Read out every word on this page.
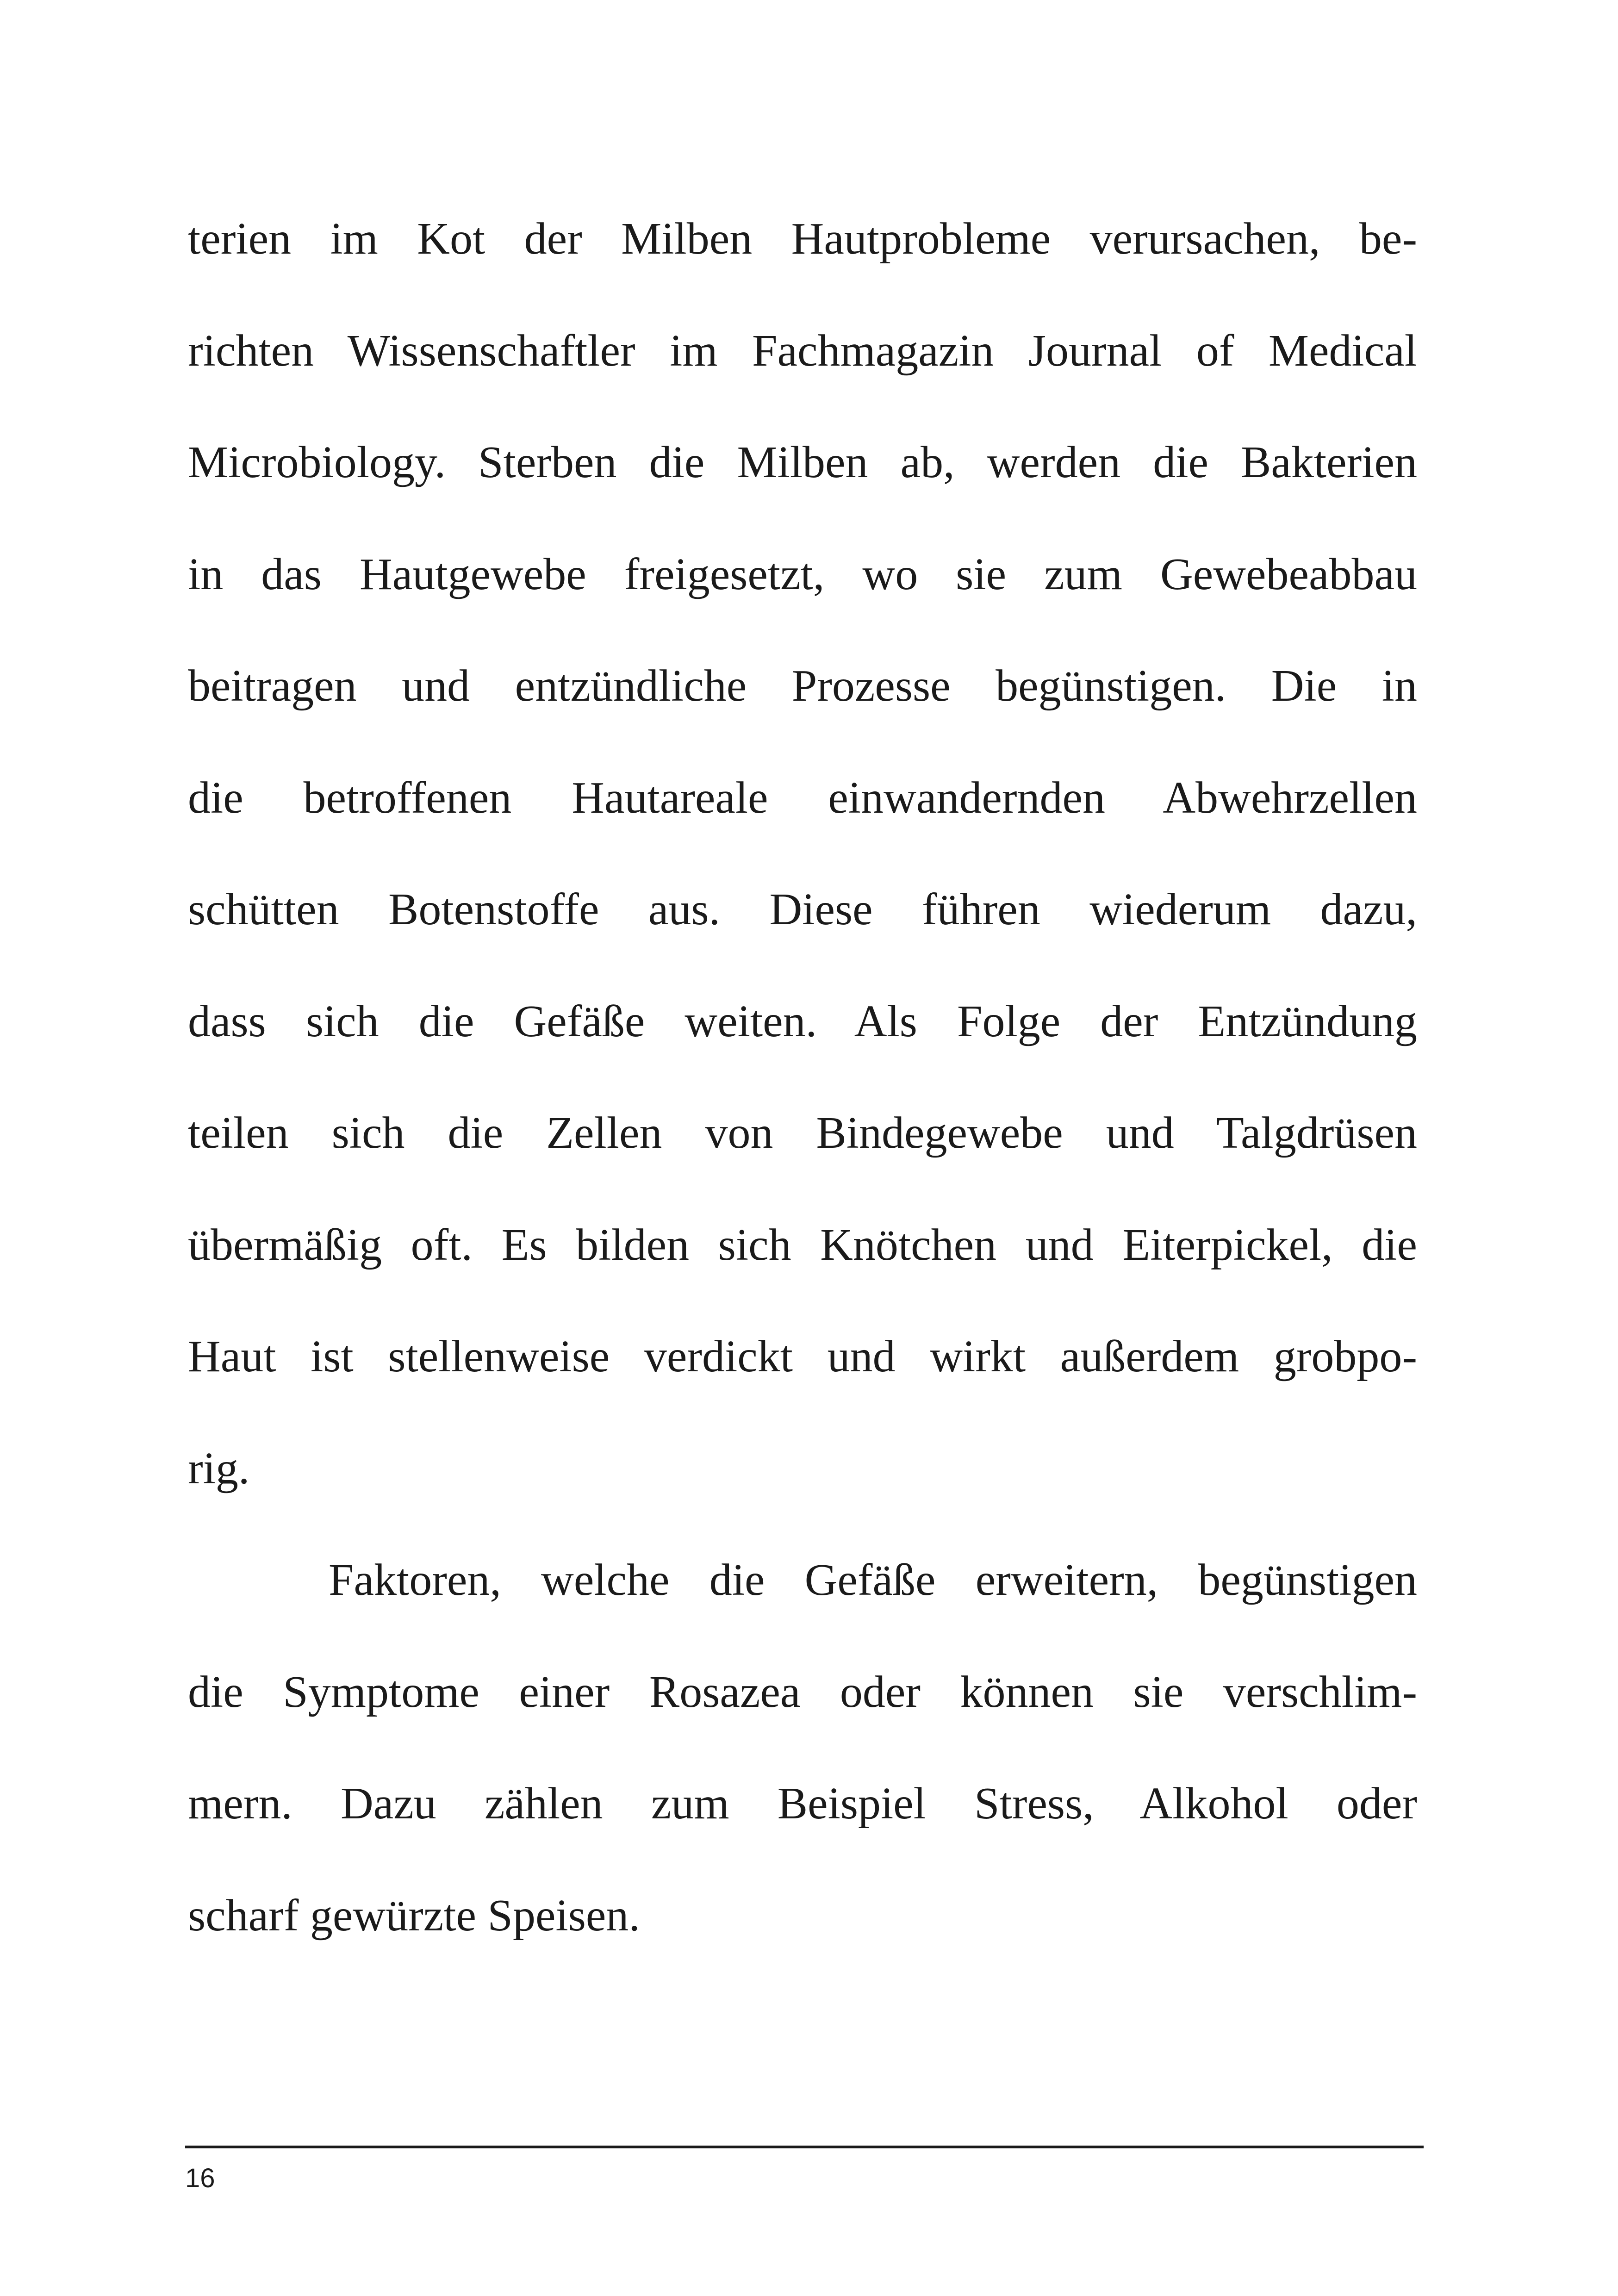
terien im Kot der Milben Hautprobleme verursachen, be-
richten Wissenschaftler im Fachmagazin Journal of Medical
Microbiology. Sterben die Milben ab, werden die Bakterien
in das Hautgewebe freigesetzt, wo sie zum Gewebeabbau
beitragen und entzündliche Prozesse begünstigen. Die in
die betroffenen Hautareale einwandernden Abwehrzellen
schütten Botenstoffe aus. Diese führen wiederum dazu,
dass sich die Gefäße weiten. Als Folge der Entzündung
teilen sich die Zellen von Bindegewebe und Talgdrüsen
übermäßig oft. Es bilden sich Knötchen und Eiterpickel, die
Haut ist stellenweise verdickt und wirkt außerdem grobpo-
rig.
Faktoren, welche die Gefäße erweitern, begünstigen
die Symptome einer Rosazea oder können sie verschlim-
mern. Dazu zählen zum Beispiel Stress, Alkohol oder
scharf gewürzte Speisen.
16
